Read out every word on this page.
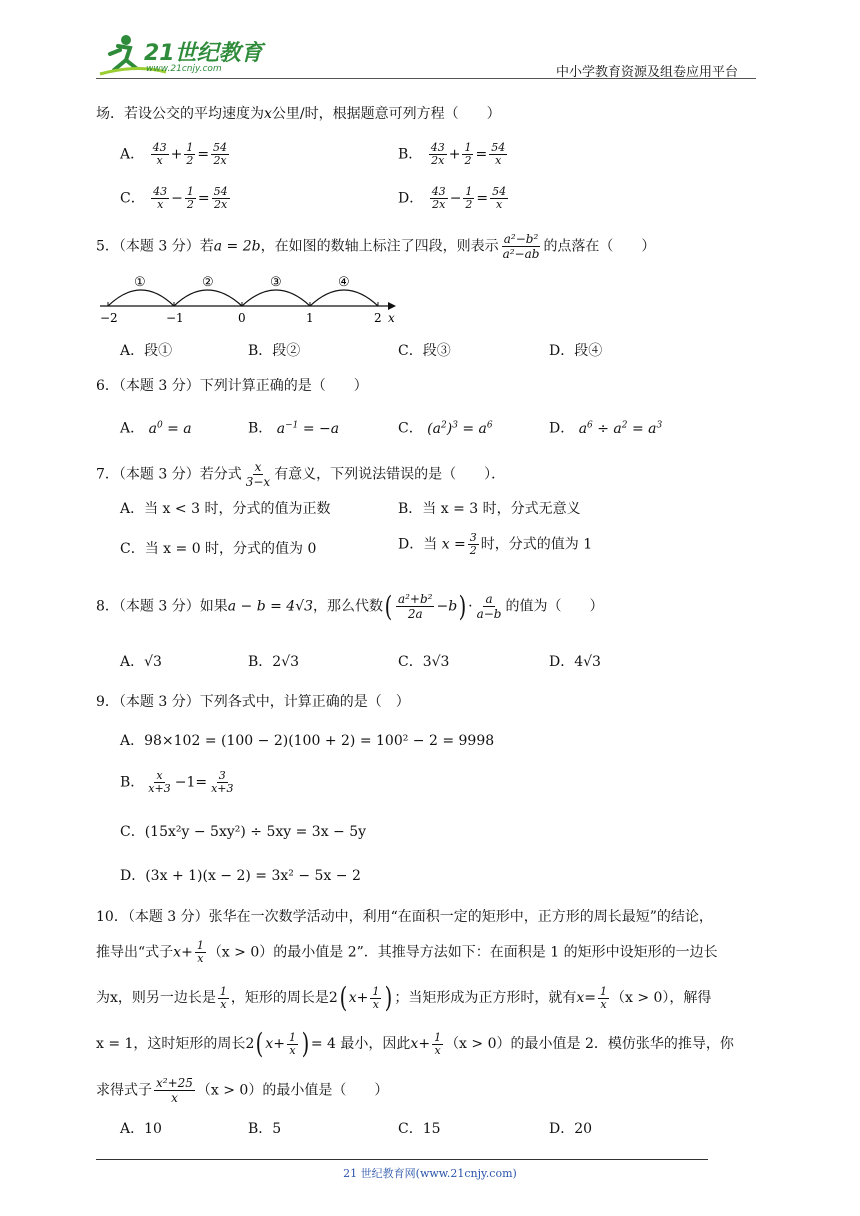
21世纪教育
www.21cnjy.com	中小学教育资源及组卷应用平台
场．若设公交的平均速度为x公里/时，根据题意可列方程（　　）
A． $\frac{43}{x} + \frac{1}{2} = \frac{54}{2x}$	B． $\frac{43}{2x} + \frac{1}{2} = \frac{54}{x}$
C． $\frac{43}{x} - \frac{1}{2} = \frac{54}{2x}$	D． $\frac{43}{2x} - \frac{1}{2} = \frac{54}{x}$
5．（本题 3 分）若a = 2b，在如图的数轴上标注了四段，则表示 $\frac{\text{a²−b²}}{\text{a²−ab}}$ 的点落在（　　）
①	②	③	④
−2	−1	0	1	2 x
A．段①	B．段②	C．段③	D．段④
6．（本题 3 分）下列计算正确的是（　　）
A． $a^0 = a$	B． $a^{-1} = -a$	C． $(a^2)^3 = a^6$	D． $a^6 \div a^2 = a^3$
7．（本题 3 分）若分式 $\frac{x}{3-x}$ 有意义，下列说法错误的是（　　）．
A．当 x < 3 时，分式的值为正数	B．当 x = 3 时，分式无意义
C．当 x = 0 时，分式的值为 0	D．当 $x = \frac{3}{2}$ 时，分式的值为 1
8．（本题 3 分）如果a − b = 4√3，那么代数( $\frac{\text{a²+b²}}{2a} -b) \cdot \frac{a}{a-b}$ 的值为（　　）
A．√3	B．2√3	C．3√3	D．4√3
9．（本题 3 分）下列各式中，计算正确的是（　）
A．98×102 = (100 − 2)(100 + 2) = 100² − 2 = 9998
B． $\frac{x}{x+3} -1= \frac{3}{x+3}$
C．(15x²y − 5xy²) ÷ 5xy = 3x − 5y
D．(3x + 1)(x − 2) = 3x² − 5x − 2
10．（本题 3 分）张华在一次数学活动中，利用“在面积一定的矩形中，正方形的周长最短”的结论，
推导出“式子$x+ \frac{1}{x} (x > 0)$的最小值是 2”．其推导方法如下：在面积是 1 的矩形中设矩形的一边长
为x，则另一边长是 $\frac{1}{x}$ ，矩形的周长是2( $x+ \frac{1}{x}$ ) ；当矩形成为正方形时，就有$x= \frac{1}{x} (x > 0)$，解得
x = 1，这时矩形的周长2( $x+ \frac{1}{x}$ ) = 4 最小，因此$x+ \frac{1}{x} (x > 0)$的最小值是 2．模仿张华的推导，你
求得式子 $\frac{\text{x²+25}}{x} (x > 0)$的最小值是（　　）
A．10	B．5	C．15	D．20
21 世纪教育网(www.21cnjy.com)
